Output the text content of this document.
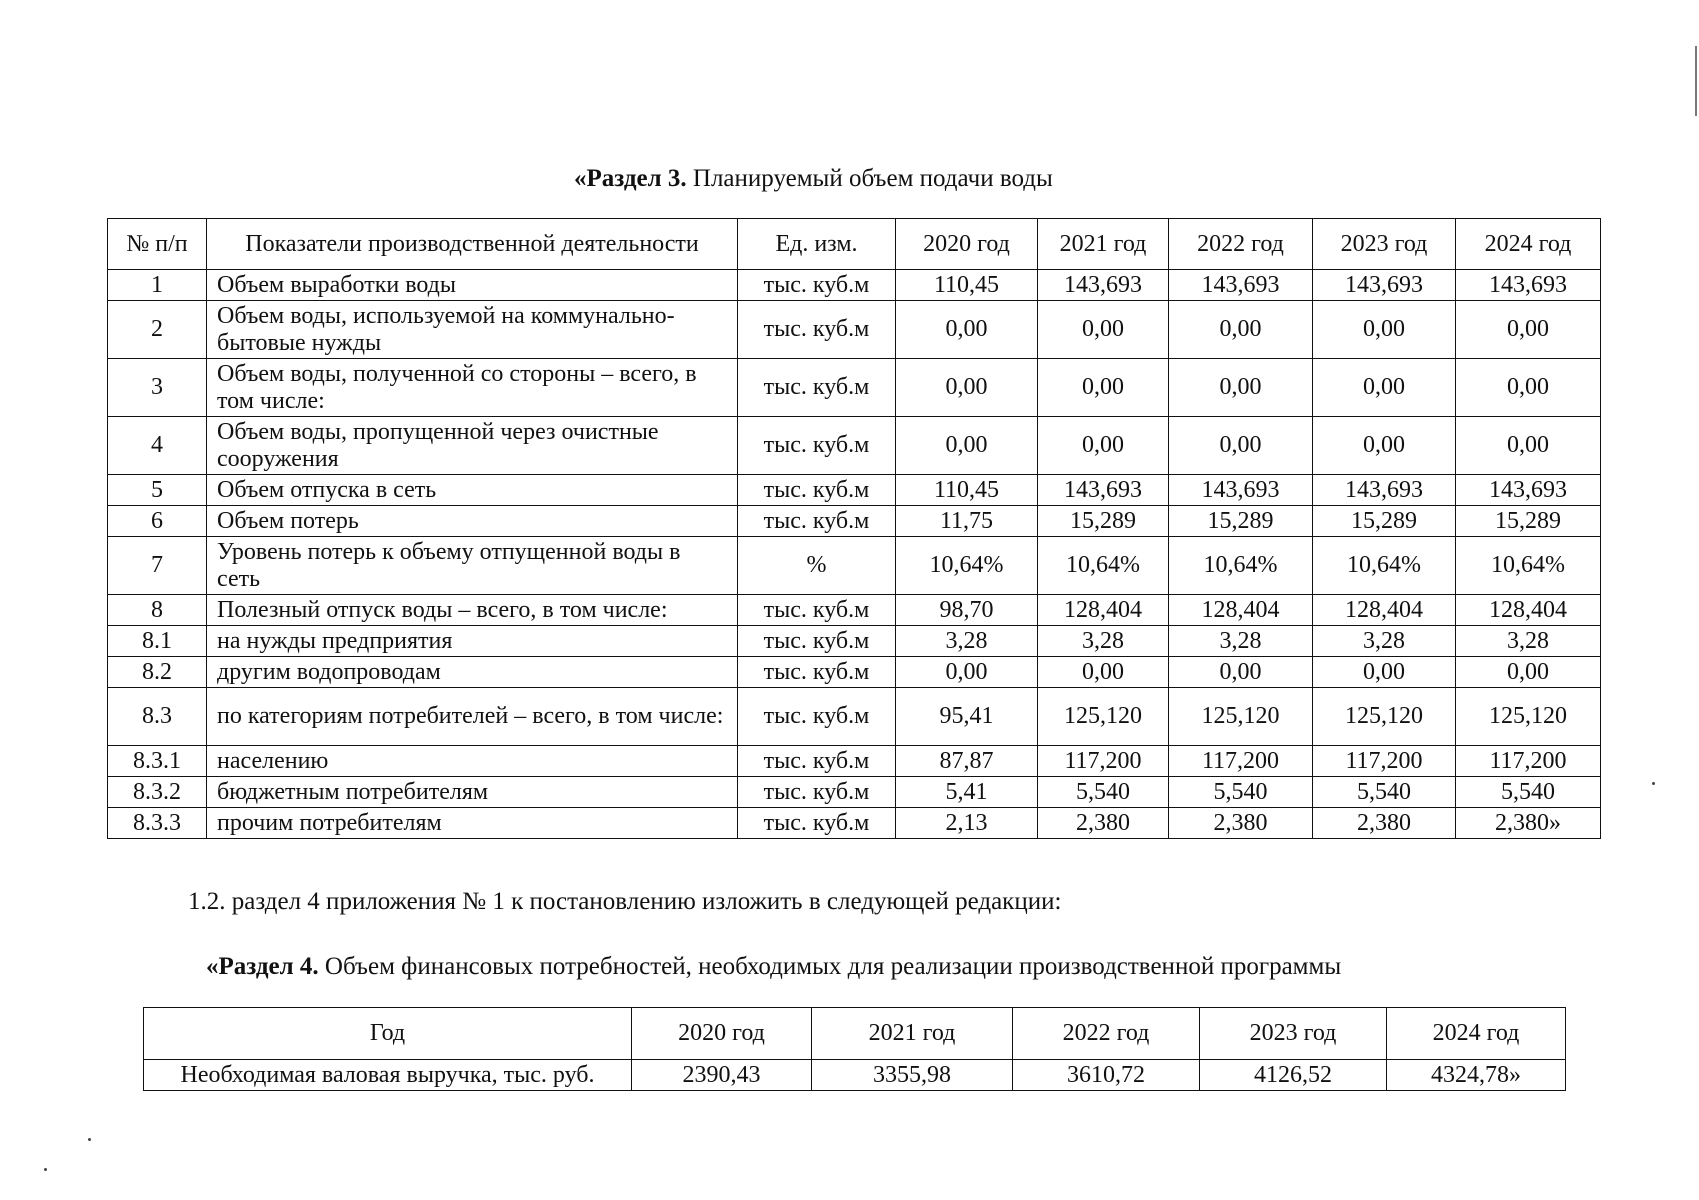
«Раздел 3. Планируемый объем подачи воды
№ п/п	Показатели производственной деятельности	Ед. изм.	2020 год	2021 год	2022 год	2023 год	2024 год
1	Объем выработки воды	тыс. куб.м	110,45	143,693	143,693	143,693	143,693
2	Объем воды, используемой на коммунально-бытовые нужды	тыс. куб.м	0,00	0,00	0,00	0,00	0,00
3	Объем воды, полученной со стороны – всего, в том числе:	тыс. куб.м	0,00	0,00	0,00	0,00	0,00
4	Объем воды, пропущенной через очистные сооружения	тыс. куб.м	0,00	0,00	0,00	0,00	0,00
5	Объем отпуска в сеть	тыс. куб.м	110,45	143,693	143,693	143,693	143,693
6	Объем потерь	тыс. куб.м	11,75	15,289	15,289	15,289	15,289
7	Уровень потерь к объему отпущенной воды в сеть	%	10,64%	10,64%	10,64%	10,64%	10,64%
8	Полезный отпуск воды – всего, в том числе:	тыс. куб.м	98,70	128,404	128,404	128,404	128,404
8.1	на нужды предприятия	тыс. куб.м	3,28	3,28	3,28	3,28	3,28
8.2	другим водопроводам	тыс. куб.м	0,00	0,00	0,00	0,00	0,00
8.3	по категориям потребителей – всего, в том числе:	тыс. куб.м	95,41	125,120	125,120	125,120	125,120
8.3.1	населению	тыс. куб.м	87,87	117,200	117,200	117,200	117,200
8.3.2	бюджетным потребителям	тыс. куб.м	5,41	5,540	5,540	5,540	5,540
8.3.3	прочим потребителям	тыс. куб.м	2,13	2,380	2,380	2,380	2,380»
1.2. раздел 4 приложения № 1 к постановлению изложить в следующей редакции:
«Раздел 4. Объем финансовых потребностей, необходимых для реализации производственной программы
Год	2020 год	2021 год	2022 год	2023 год	2024 год
Необходимая валовая выручка, тыс. руб.	2390,43	3355,98	3610,72	4126,52	4324,78»
